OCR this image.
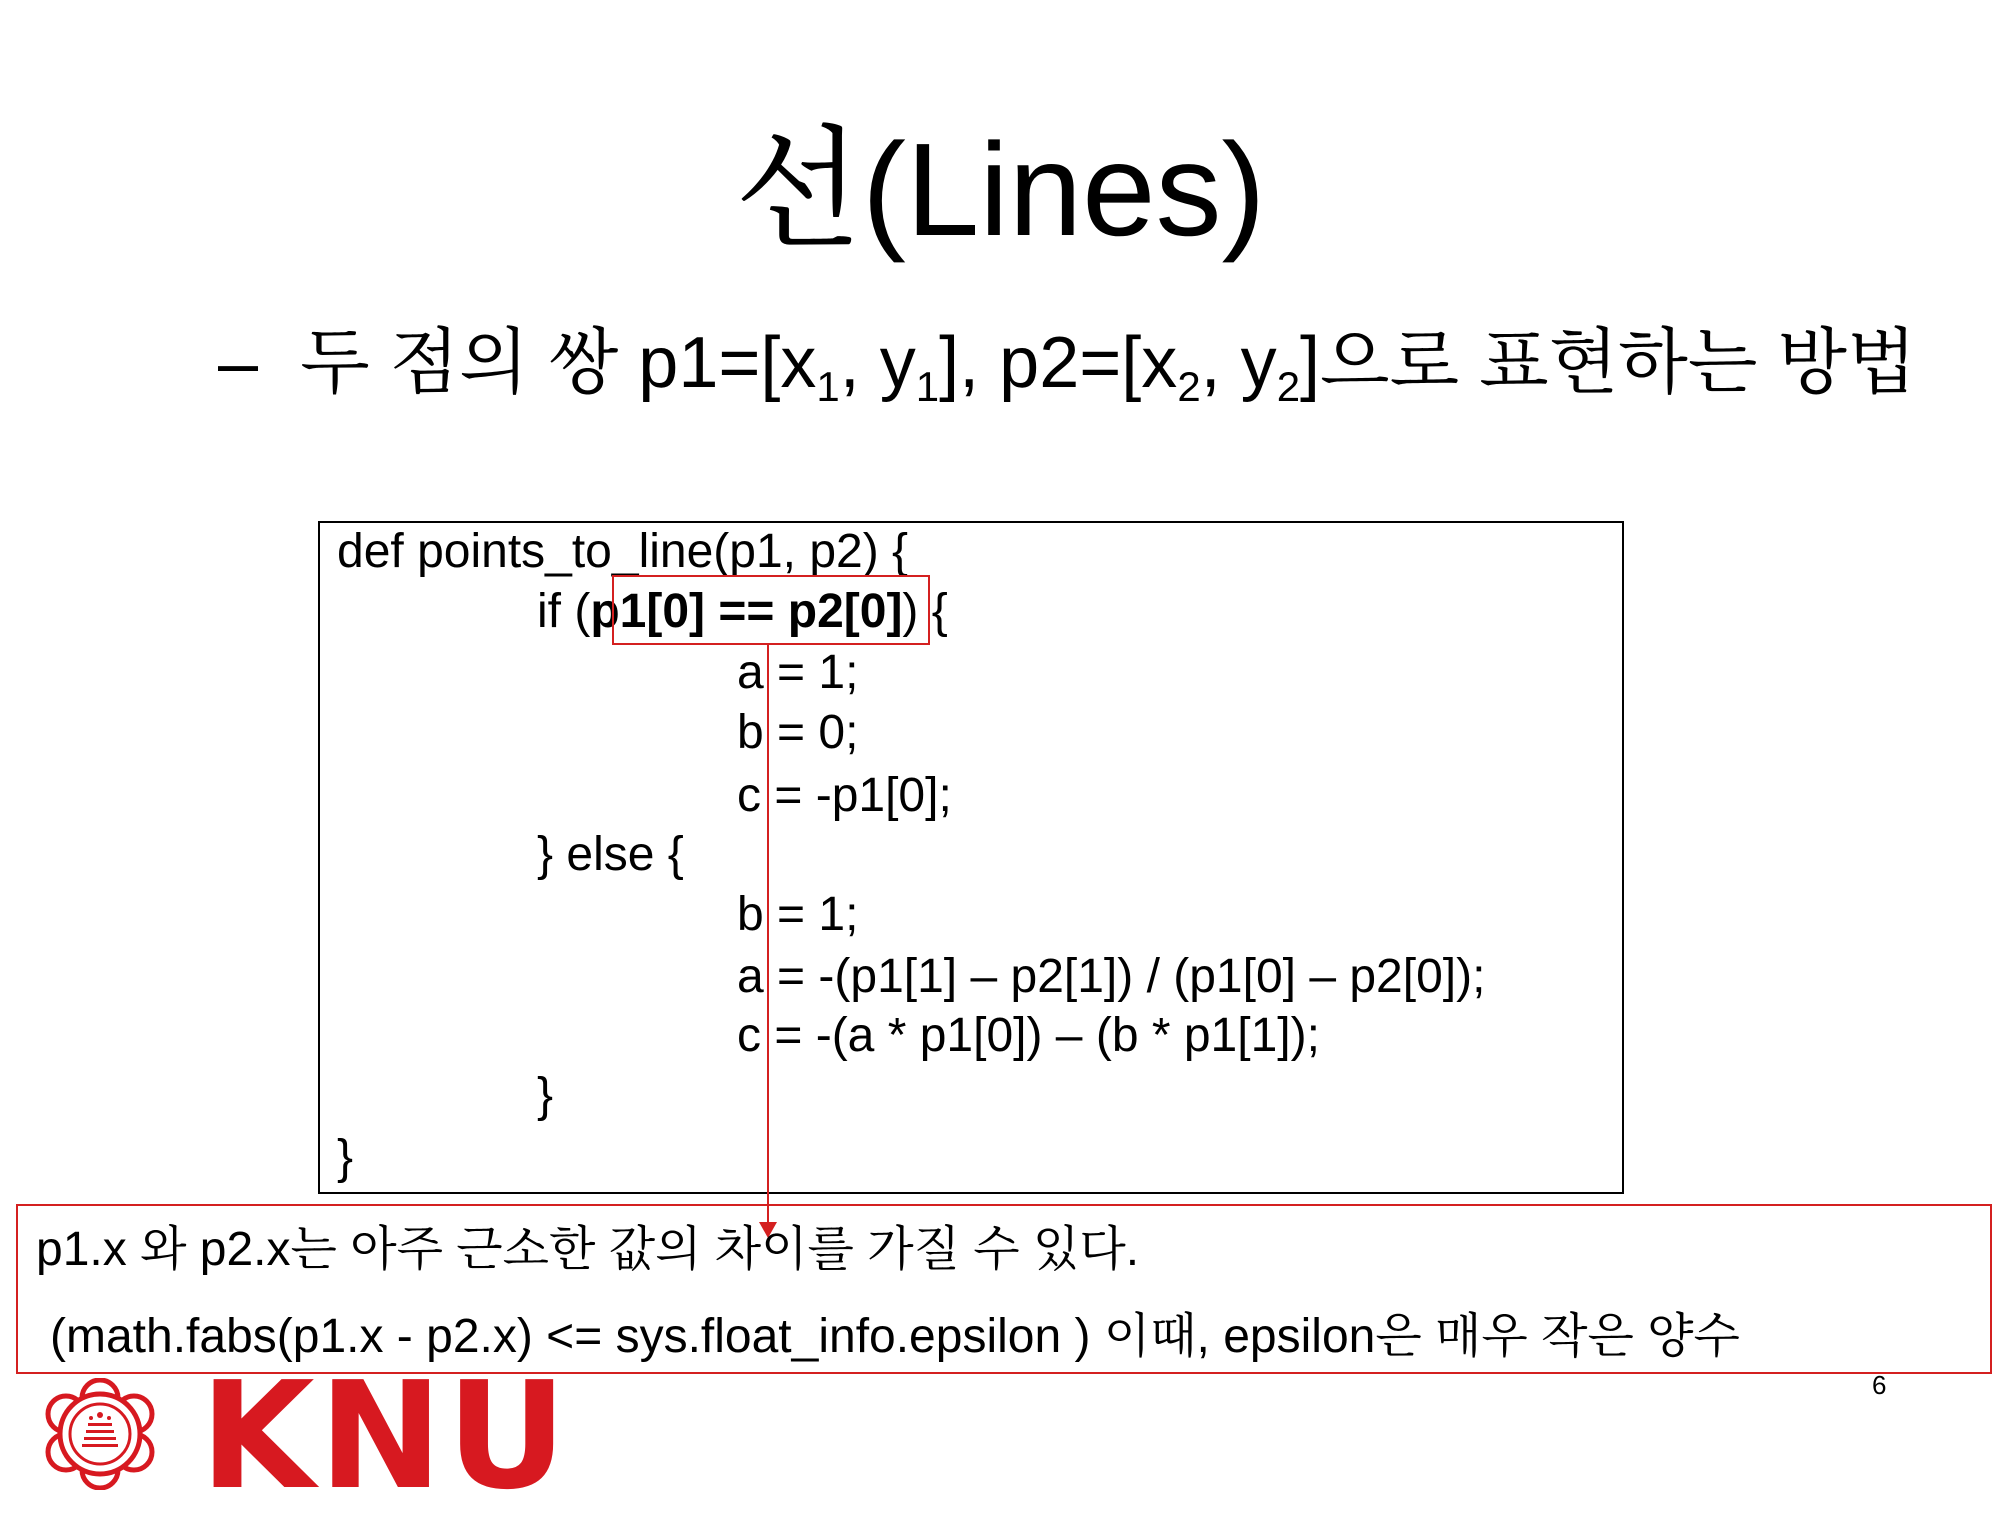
선(Lines)
– 두 점의 쌍 $p1=[x_1$, $y_1$], $p2=[x_2$, $y_2$]으로 표현하는 방법
def points_to_line(p1, p2) {
if (p1[0] == p2[0]) {
a = 1;
b = 0;
c = -p1[0];
} else {
b = 1;
a = -(p1[1] – p2[1]) / (p1[0] – p2[0]);
c = -(a * p1[0]) – (b * p1[1]);
}
}
p1.x 와 p2.x는 아주 근소한 값의 차이를 가질 수 있다.
(math.fabs(p1.x - p2.x) <= sys.float_info.epsilon ) 이때, epsilon은 매우 작은 양수
6
KNU
